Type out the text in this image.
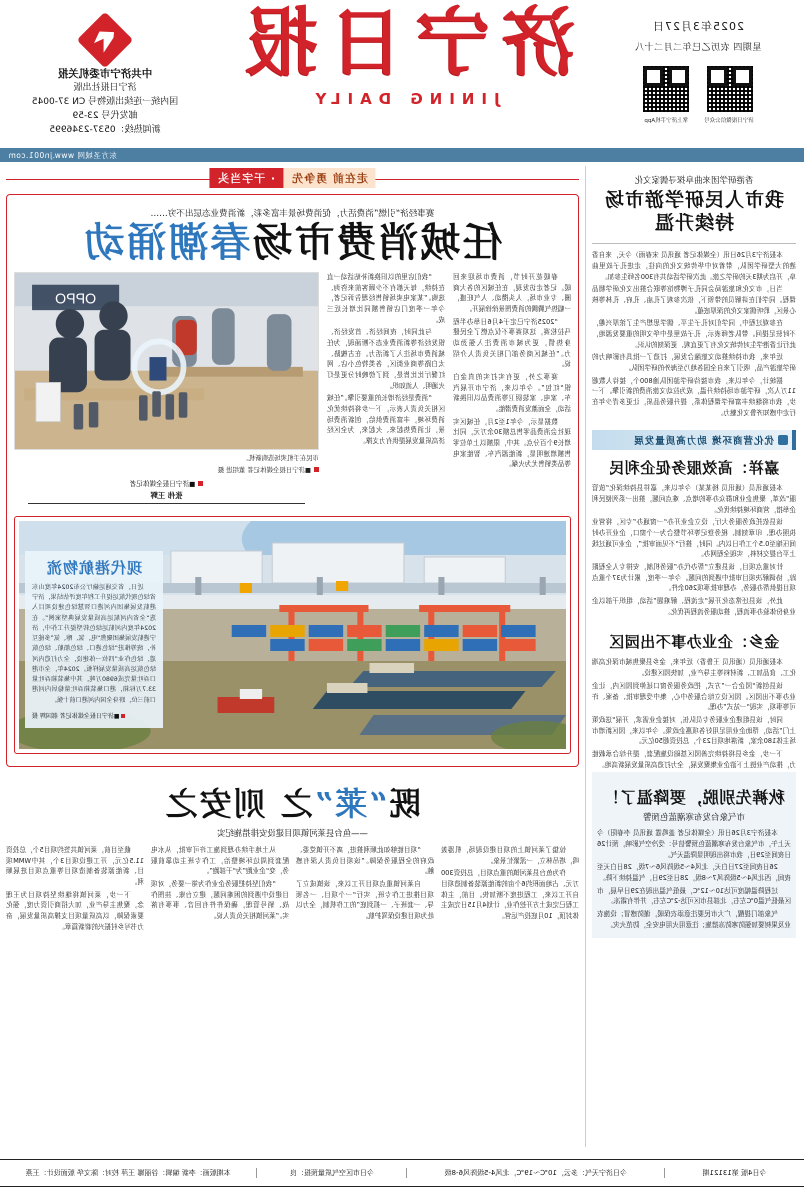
2025年3月27日
星期四 农历乙巳年二月二十八
济宁日报微信公众号
掌上济宁手机App
济宁日报
JINING DAILY
中共济宁市委机关报
济宁日报社出版
国内统一连续出版物号 CN 37-0045
邮发代号 23-59
新闻热线：0537-2346995
东方圣城网 www.jn001.com
香港研学团来曲阜探寻儒家文化
我市人民研学游市场 持续升温

本报济宁3月26日讯（全媒体记者 通讯员 宋春雨）今天，来自香港的大型研学团队，带着对中华传统文化的向往，走进孔子故里曲阜，开启为期3天的研学之旅。此次研学活动共有300名师生参加。

当日，市文化和旅游局会同孔子博物馆等联合推出文化研学精品课程。同学们在讲解员的带领下，依次参观了孔庙、孔府、孔林等核心景区，聆听儒家文化的深厚底蕴。

在参观过程中，同学们对孔子生平、儒学思想产生了浓厚兴趣，不时驻足提问。带队老师表示，孔子故里是中华文明的重要发源地，此行让香港学生对传统文化有了更直观、更深刻的认识。

近年来，我市持续推动文旅融合发展，打造了一批具有影响力的研学旅游产品，吸引了来自全国各地乃至海外的研学团队。

据统计，今年以来，我市接待研学游团队逾800个，接待人数超11万人次，研学游市场持续升温，成为拉动文旅消费的新引擎。下一步，我市将继续丰富研学课程体系，提升服务品质，让更多青少年在行走中感知齐鲁文化魅力。

优化营商环境 助力高质量发展
嘉祥：高效服务促企利民

本报通讯员（通讯员 杨某某）今年以来，嘉祥县持续深化“放管服”改革，聚焦企业和群众办事的堵点、难点问题，推出一系列便民利企举措，营商环境持续优化。

该县依托政务服务大厅，设立企业开办“一窗通办”专区，将营业执照办理、印章刻制、税务登记等环节整合为一个窗口，企业开办时间压缩至0.5个工作日以内。同时，推行“不见面审批”，企业可通过线上平台提交材料，实现全程网办。

针对重点项目，该县建立“帮办代办”服务机制，安排专人全程跟踪，协调解决项目审批中遇到的问题。今年一季度，累计为37个重点项目提供帮办服务，办理审批事项260余件。

此外，该县还常态化开展“走流程、解难题”活动，组织干部以企业身份体验办事流程，推动服务流程再优化。

金乡：企业办事不出园区

本报通讯员（通讯员 王鲁香）近年来，金乡县聚焦城市深化高端化工、食品加工、新材料等主导产业，加快园区建设。

该县创新“园企合一”方式，把政务服务窗口延伸到园区内，让企业办事不出园区。园区设立综合服务中心，集中受理审批、备案、许可等事项，实现“一站式”办理。

同时，该县组建企业服务专员队伍，对接企业需求，开展“送政策上门”活动，帮助企业用足用好各项惠企政策。今年以来，园区新增市场主体180余家，新落地项目23个，总投资超50亿元。

下一步，金乡县将持续完善园区基础设施配套，提升综合承载能力，推动产业链上下游企业集聚发展，全力打造高质量发展新高地。

秋裤先别脱，要降温了！
市气象台发布寒潮蓝色预警

本报济宁3月26日讯（全媒体记者 盖鸣霆 通讯员 李春阳）今天上午，市气象台发布寒潮蓝色预警信号：受冷空气影响，预计26日夜间至29日，我市将出现明显降温天气。

26日夜间至27日白天，北风4～5级阵风6～7级，28日白天至夜间，西北风4～5级阵风7～8级，28日至29日，气温持续下降。

过程降温幅度可达10～12℃，最低气温出现在29日早晨，市区最低气温0℃左右，北部县市区可达-2℃左右，并伴有霜冻。

气象部门提醒，广大市民要注意添衣保暖，谨防感冒；设施农业及果树要加强防寒防冻措施；注意用火用电安全，防范火灾。

走在前 勇争先
· 干字当头
赛事经济“引燃”消费活力，促消费场景丰富多彩，新消费业态层出不穷……
任城消费市场春潮涌动

春暖花开时节，消费市场迎来回暖。记者走访发现，在任城区的各大商圈、专业市场，人头攒动、人气旺盛，一幅热气腾腾的消费图景徐徐展开。

“2025济宁已定于4月6日举办半程马拉松赛，这项赛事不仅点燃了全民健身热情，更为城市消费注入强劲动力。”任城区商务部门相关负责人介绍说。

赛事之外，更有实打实的真金白银“红包”。今年以来，济宁市开展汽车、家电、家装厨卫等消费品以旧换新活动，全面激发消费潜能。

数据显示，今年1至2月，任城区实现社会消费品零售总额30余万元，同比增长9个百分点。其中，限额以上单位零售额增速明显，新能源汽车、智能家电等品类销售尤为火爆。

“我们店里的以旧换新补贴活动一直在持续，每天都有不少顾客前来咨询、选购。”某家电卖场销售经理告诉记者，今年一季度门店销售额同比增长近三成。

与此同时，夜间经济、首发经济、银发经济等新消费业态不断涌现，为任城消费市场注入了新活力。在古槐路、太白路等商业街区，各类特色小店、网红餐厅比比皆是，到了傍晚时分更是灯火通明、人流如织。

“消费是经济增长的重要引擎。”任城区相关负责人表示，下一步将持续优化消费环境，丰富消费供给，创新消费场景，让消费热起来、火起来，为全区经济高质量发展提供有力支撑。

OPPO
市民在手机卖场选购新机。
■济宁日报全媒体记者 董绍进 摄
■济宁日报全媒体记者
张伟 王辉
现代港航物流

近日，省交通运输厅公布2024年度山东省绿色现代航运提升工程年度评估结果，济宁港航发展集团内河港口智慧绿色建设项目入选“全省内河航运高质量发展典型案例”。在2024年度内河航运绿色转型提升工作中，济宁港航发展集团聚焦“电、氢、醇、氨”多能互补，统筹推进“绿色港口、绿色船舶、绿色航道、绿色作业”四位一体建设，全力打造内河绿色航运高质量发展样板。2024年，全市港口吞吐量完成6980万吨，其中集装箱吞吐量33.7万标箱，港口集装箱吞吐量稳居内河港口前三位，跻身全国内河港口前十强。

■济宁日报全媒体记者 郝国辉 摄
既“莱”之 则安之
——鱼台县莱河镇项目建设安排措施纪实

惊蛰了莱河镇上的项目建设现场，机器轰鸣，塔吊林立，一派繁忙景象。

作为鱼台县莱河镇的重点项目，总投资300万元、占地面积约6个亩的新能源装备制造项目自开工以来，工程进度不断加快。目前，主体工程已完成土方开挖作业，计划4月15日完成主体封顶，10月底投产运营。

“项目能够如此顺利推进，离不开镇党委、政府的全程服务保障。”该项目负责人深有感触。

自莱河镇重点项目开工以来，该镇成立了项目推进工作专班，实行“一个项目、一名领导、一套班子、一抓到底”的工作机制，全力以赴为项目建设保驾护航。

从土地手续办理到施工许可审批，从水电配套到周边环境整治，工作专班主动靠前服务，变“企业跑”为“干部跑”。

“我们坚持把服务企业作为第一要务，对项目建设中遇到的困难问题，建立台账、挂图作战、销号管理，确保件件有回音、事事有落实。”莱河镇相关负责人说。

截至目前，莱河镇共签约项目5个，总投资11.5亿元，开工建设项目3个，其中WMM项目、新能源装备制造项目等重点项目进展顺利。

下一步，莱河镇将继续坚持项目为王理念，聚焦主导产业，加大招商引资力度，强化要素保障，以高质量项目支撑高质量发展，奋力书写乡村振兴的崭新篇章。

今日4版 第13121期
今日济宁天气：多云，10℃～19℃，北风4-5级阵风6-8级
今日市区空气质量预报：良
本期版画：李新 编辑：谷丽娜 王萍 校对：陈文华 版面设计：王燕
